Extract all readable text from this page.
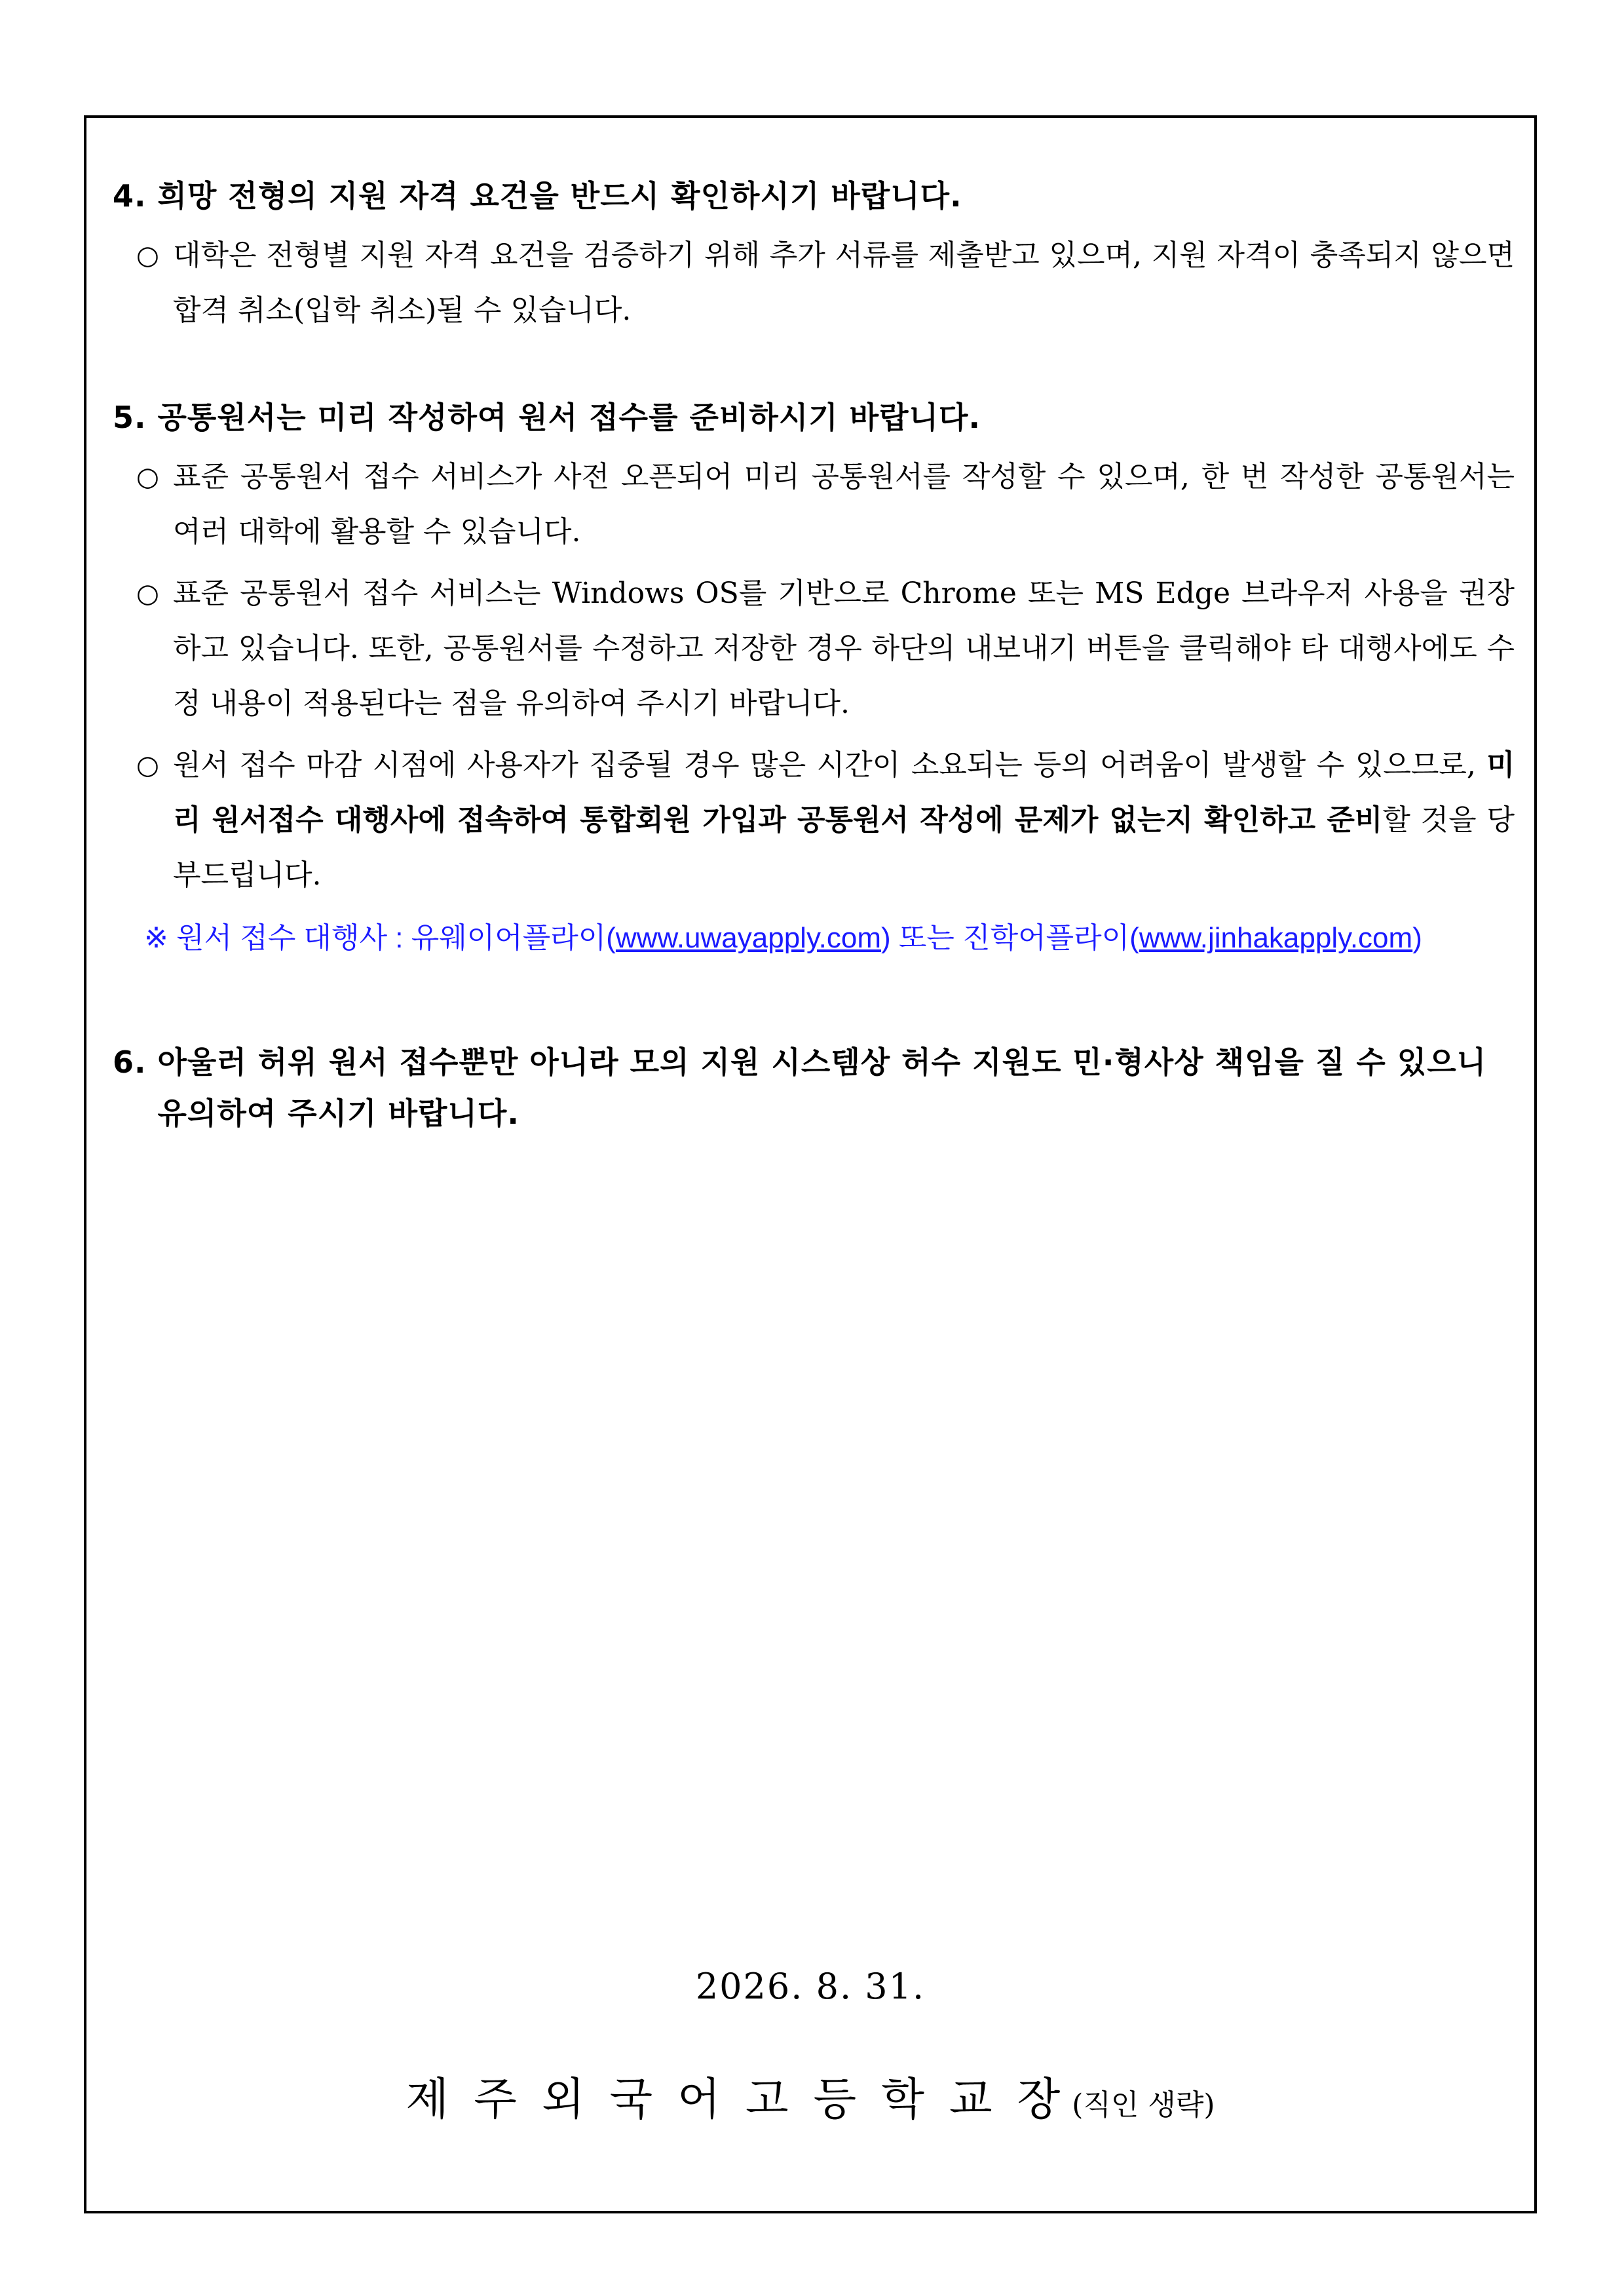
4. 희망 전형의 지원 자격 요건을 반드시 확인하시기 바랍니다.
○ 대학은 전형별 지원 자격 요건을 검증하기 위해 추가 서류를 제출받고 있으며, 지원 자격이 충족되지 않으면 합격 취소(입학 취소)될 수 있습니다.
5. 공통원서는 미리 작성하여 원서 접수를 준비하시기 바랍니다.
○ 표준 공통원서 접수 서비스가 사전 오픈되어 미리 공통원서를 작성할 수 있으며, 한 번 작성한 공통원서는 여러 대학에 활용할 수 있습니다.
○ 표준 공통원서 접수 서비스는 Windows OS를 기반으로 Chrome 또는 MS Edge 브라우저 사용을 권장하고 있습니다. 또한, 공통원서를 수정하고 저장한 경우 하단의 내보내기 버튼을 클릭해야 타 대행사에도 수정 내용이 적용된다는 점을 유의하여 주시기 바랍니다.
○ 원서 접수 마감 시점에 사용자가 집중될 경우 많은 시간이 소요되는 등의 어려움이 발생할 수 있으므로, 미리 원서접수 대행사에 접속하여 통합회원 가입과 공통원서 작성에 문제가 없는지 확인하고 준비할 것을 당부드립니다.
※ 원서 접수 대행사 : 유웨이어플라이(www.uwayapply.com) 또는 진학어플라이(www.jinhakapply.com)
6. 아울러 허위 원서 접수뿐만 아니라 모의 지원 시스템상 허수 지원도 민·형사상 책임을 질 수 있으니 유의하여 주시기 바랍니다.
2026. 8. 31.
제주외국어고등학교장(직인 생략)
